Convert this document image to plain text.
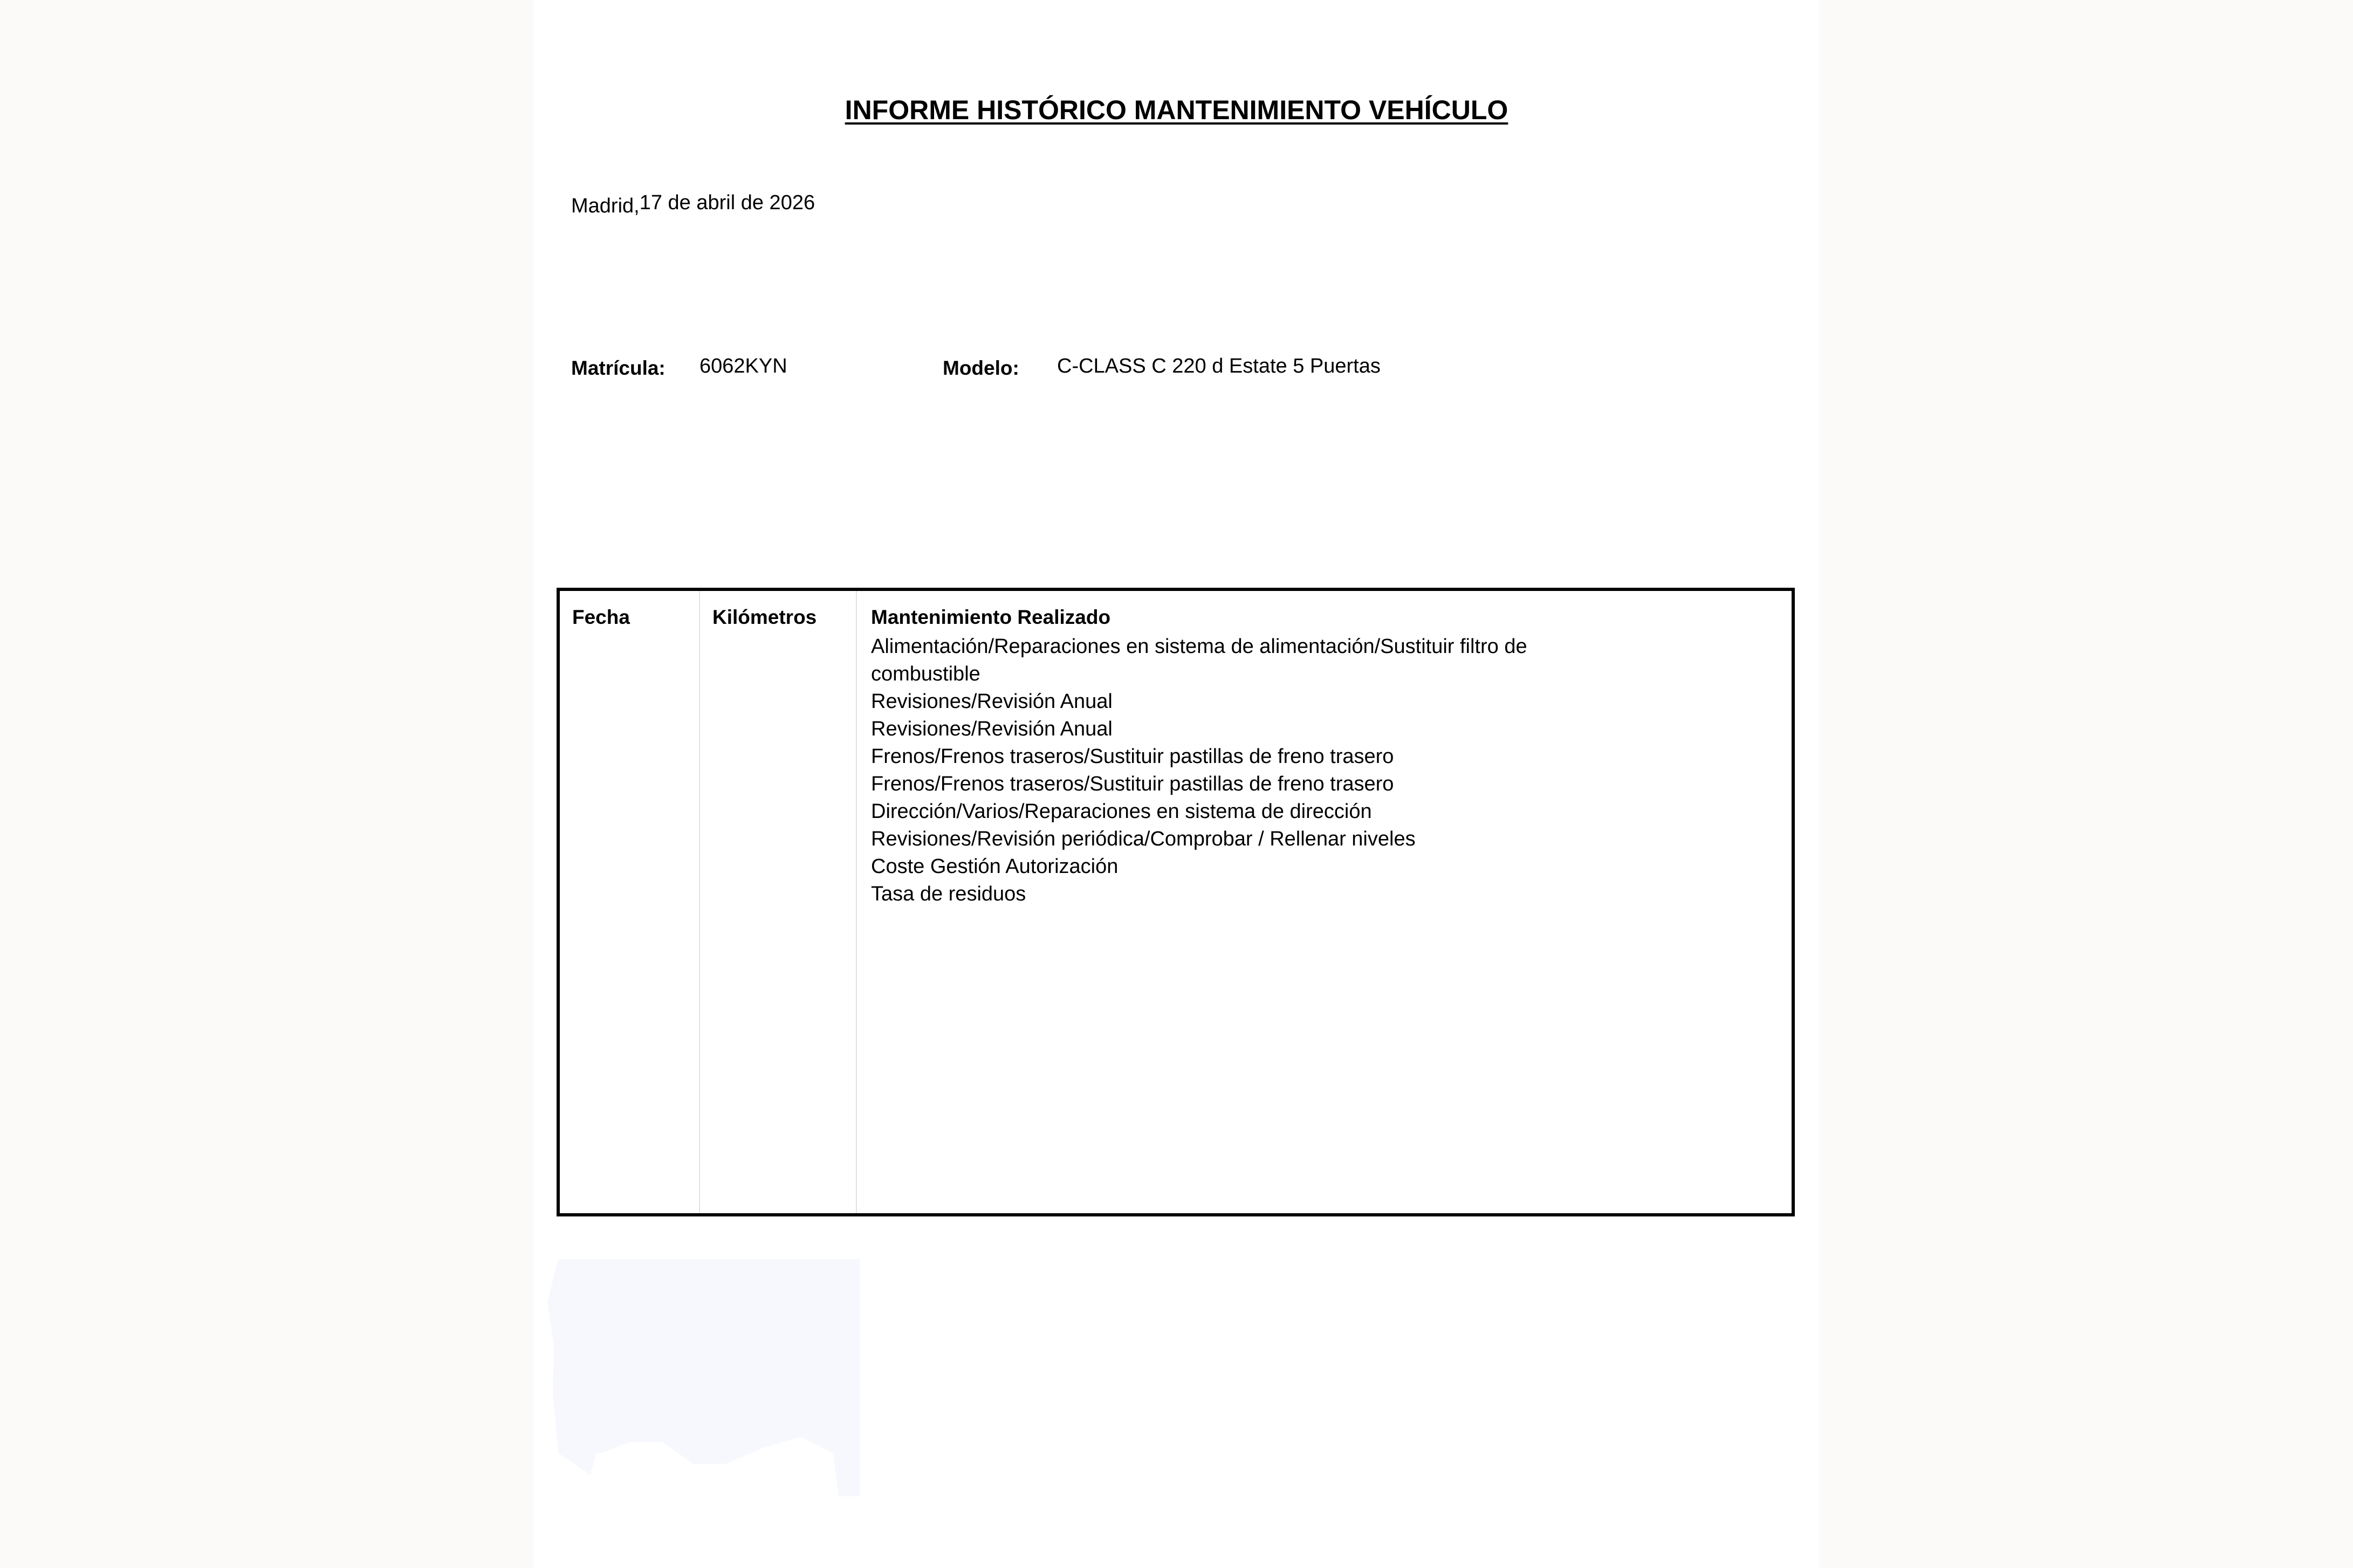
INFORME HISTÓRICO MANTENIMIENTO VEHÍCULO
Madrid,17 de abril de 2026
Matrícula: 6062KYN	Modelo: C-CLASS C 220 d Estate 5 Puertas
Fecha	Kilómetros	Mantenimiento Realizado
Alimentación/Reparaciones en sistema de alimentación/Sustituir filtro de combustible
Revisiones/Revisión Anual
Revisiones/Revisión Anual
Frenos/Frenos traseros/Sustituir pastillas de freno trasero
Frenos/Frenos traseros/Sustituir pastillas de freno trasero
Dirección/Varios/Reparaciones en sistema de dirección
Revisiones/Revisión periódica/Comprobar / Rellenar niveles
Coste Gestión Autorización
Tasa de residuos
